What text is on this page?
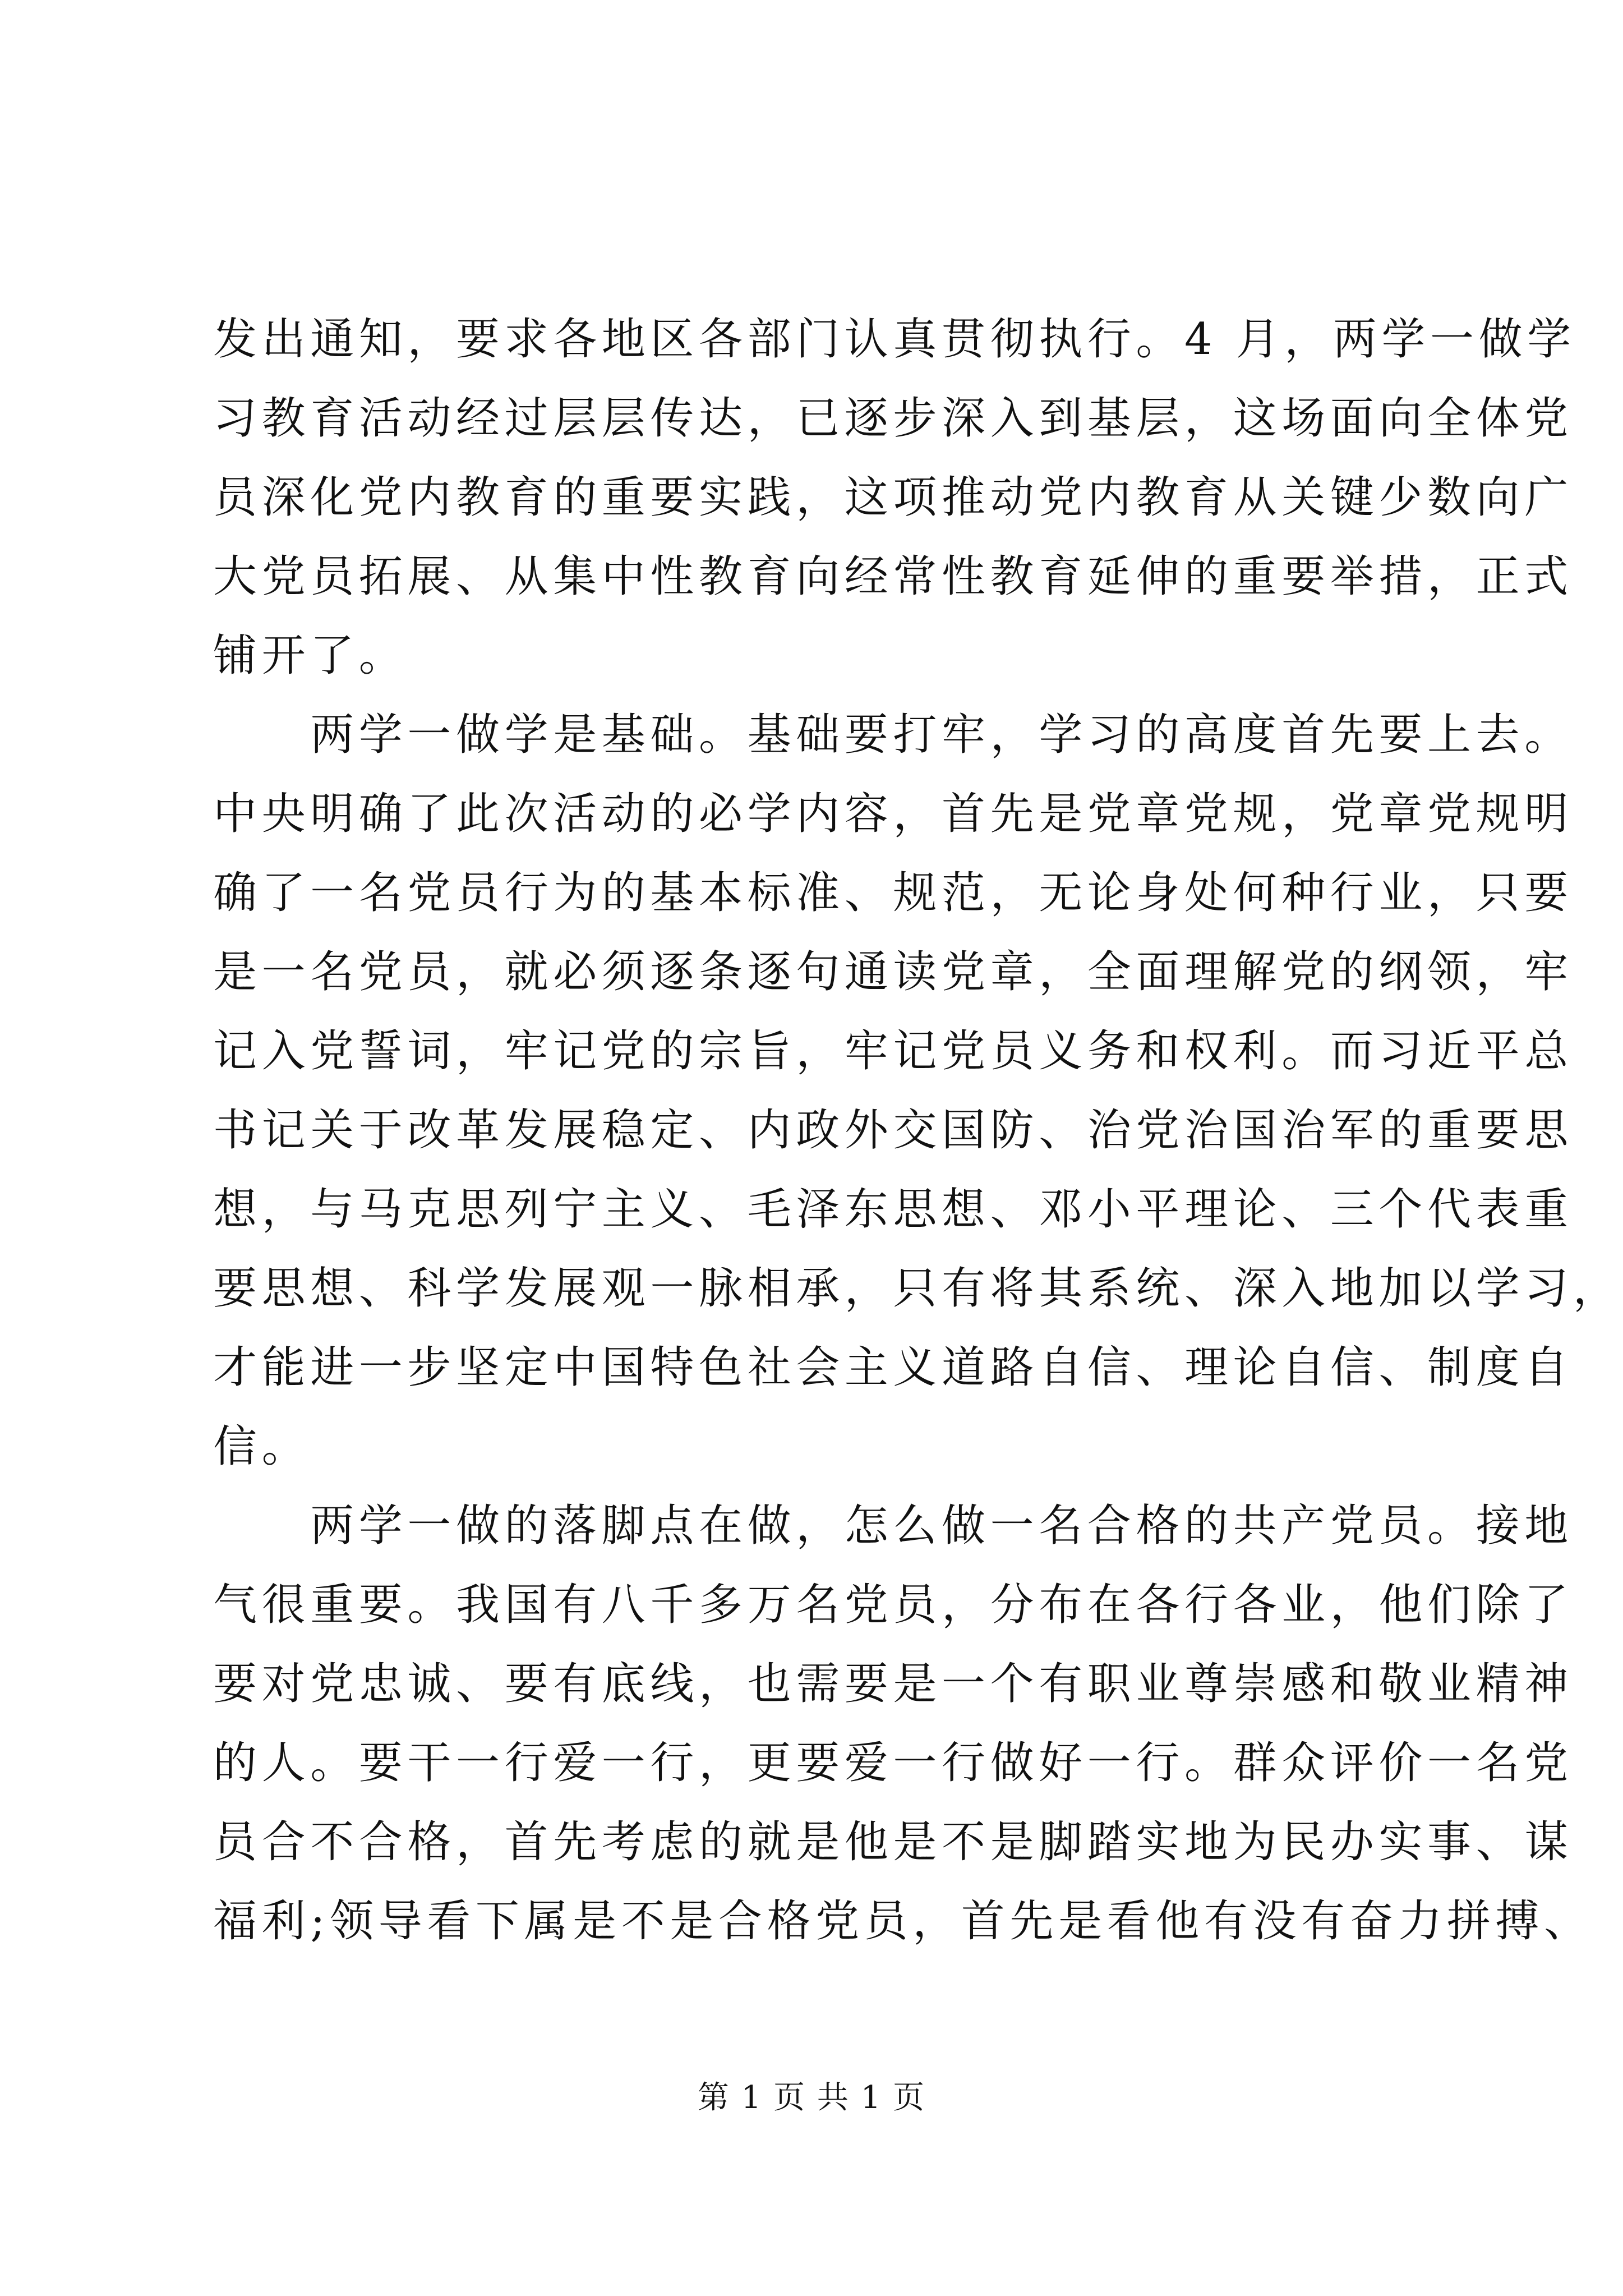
发出通知，要求各地区各部门认真贯彻执行。4 月，两学一做学
习教育活动经过层层传达，已逐步深入到基层，这场面向全体党
员深化党内教育的重要实践，这项推动党内教育从关键少数向广
大党员拓展、从集中性教育向经常性教育延伸的重要举措，正式
铺开了。
　　两学一做学是基础。基础要打牢，学习的高度首先要上去。
中央明确了此次活动的必学内容，首先是党章党规，党章党规明
确了一名党员行为的基本标准、规范，无论身处何种行业，只要
是一名党员，就必须逐条逐句通读党章，全面理解党的纲领，牢
记入党誓词，牢记党的宗旨，牢记党员义务和权利。而习近平总
书记关于改革发展稳定、内政外交国防、治党治国治军的重要思
想，与马克思列宁主义、毛泽东思想、邓小平理论、三个代表重
要思想、科学发展观一脉相承，只有将其系统、深入地加以学习，
才能进一步坚定中国特色社会主义道路自信、理论自信、制度自
信。
　　两学一做的落脚点在做，怎么做一名合格的共产党员。接地
气很重要。我国有八千多万名党员，分布在各行各业，他们除了
要对党忠诚、要有底线，也需要是一个有职业尊崇感和敬业精神
的人。要干一行爱一行，更要爱一行做好一行。群众评价一名党
员合不合格，首先考虑的就是他是不是脚踏实地为民办实事、谋
福利;领导看下属是不是合格党员，首先是看他有没有奋力拼搏、
第 1 页 共 1 页
